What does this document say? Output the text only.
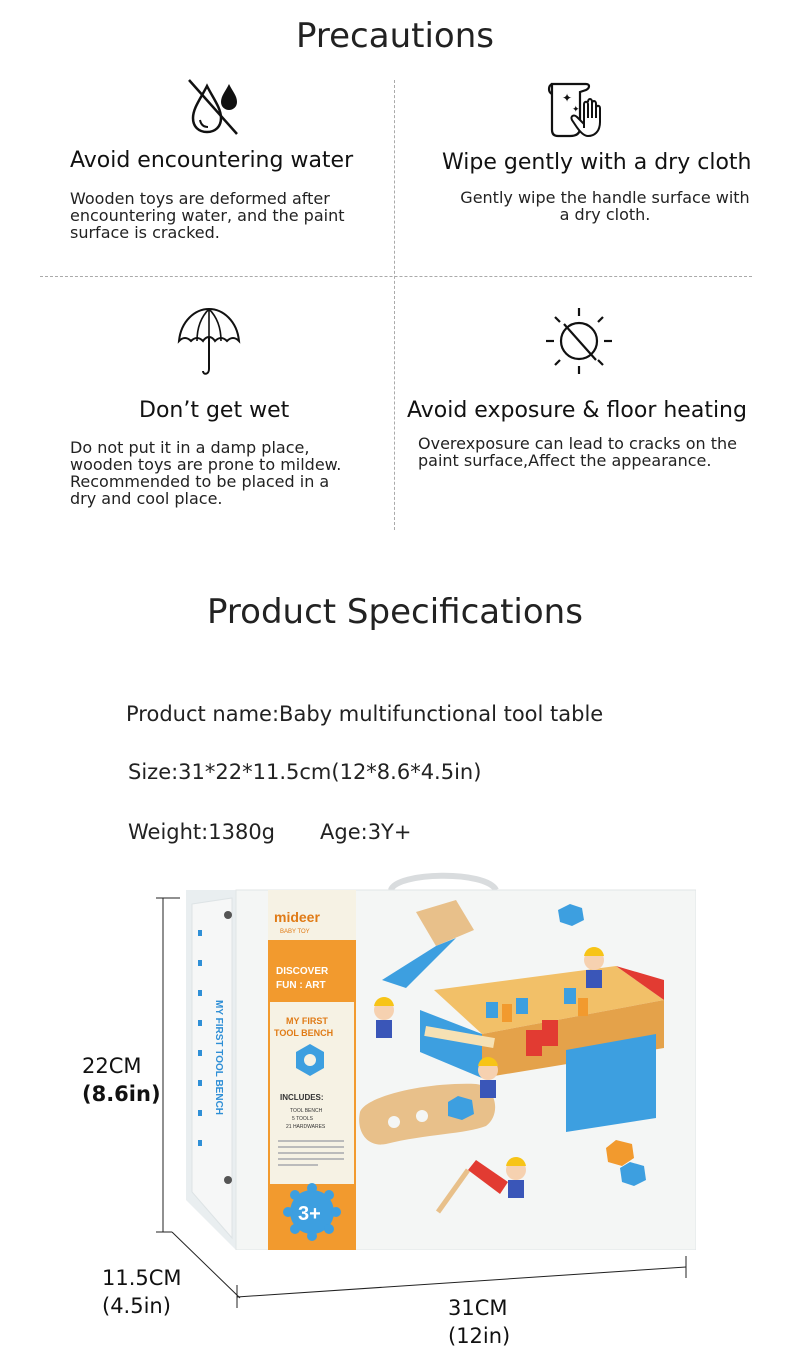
Precautions
Avoid encountering water
Wooden toys are deformed after
encountering water, and the paint
surface is cracked.
✦
✦
Wipe gently with a dry cloth
Gently wipe the handle surface with
a dry cloth.
Don’t get wet
Do not put it in a damp place,
wooden toys are prone to mildew.
Recommended to be placed in a
dry and cool place.
Avoid exposure & floor heating
Overexposure can lead to cracks on the
paint surface,Affect the appearance.
Product Specifications
Product name:Baby multifunctional tool table
Size:31*22*11.5cm(12*8.6*4.5in)
Weight:1380g Age:3Y+
22CM
(8.6in)
11.5CM
(4.5in)	31CM
(12in)
mideer
BABY TOY
DISCOVER
FUN : ART
MY FIRST
TOOL BENCH
INCLUDES:
TOOL BENCH
5 TOOLS
21 HARDWARES
3+
MY FIRST TOOL BENCH
